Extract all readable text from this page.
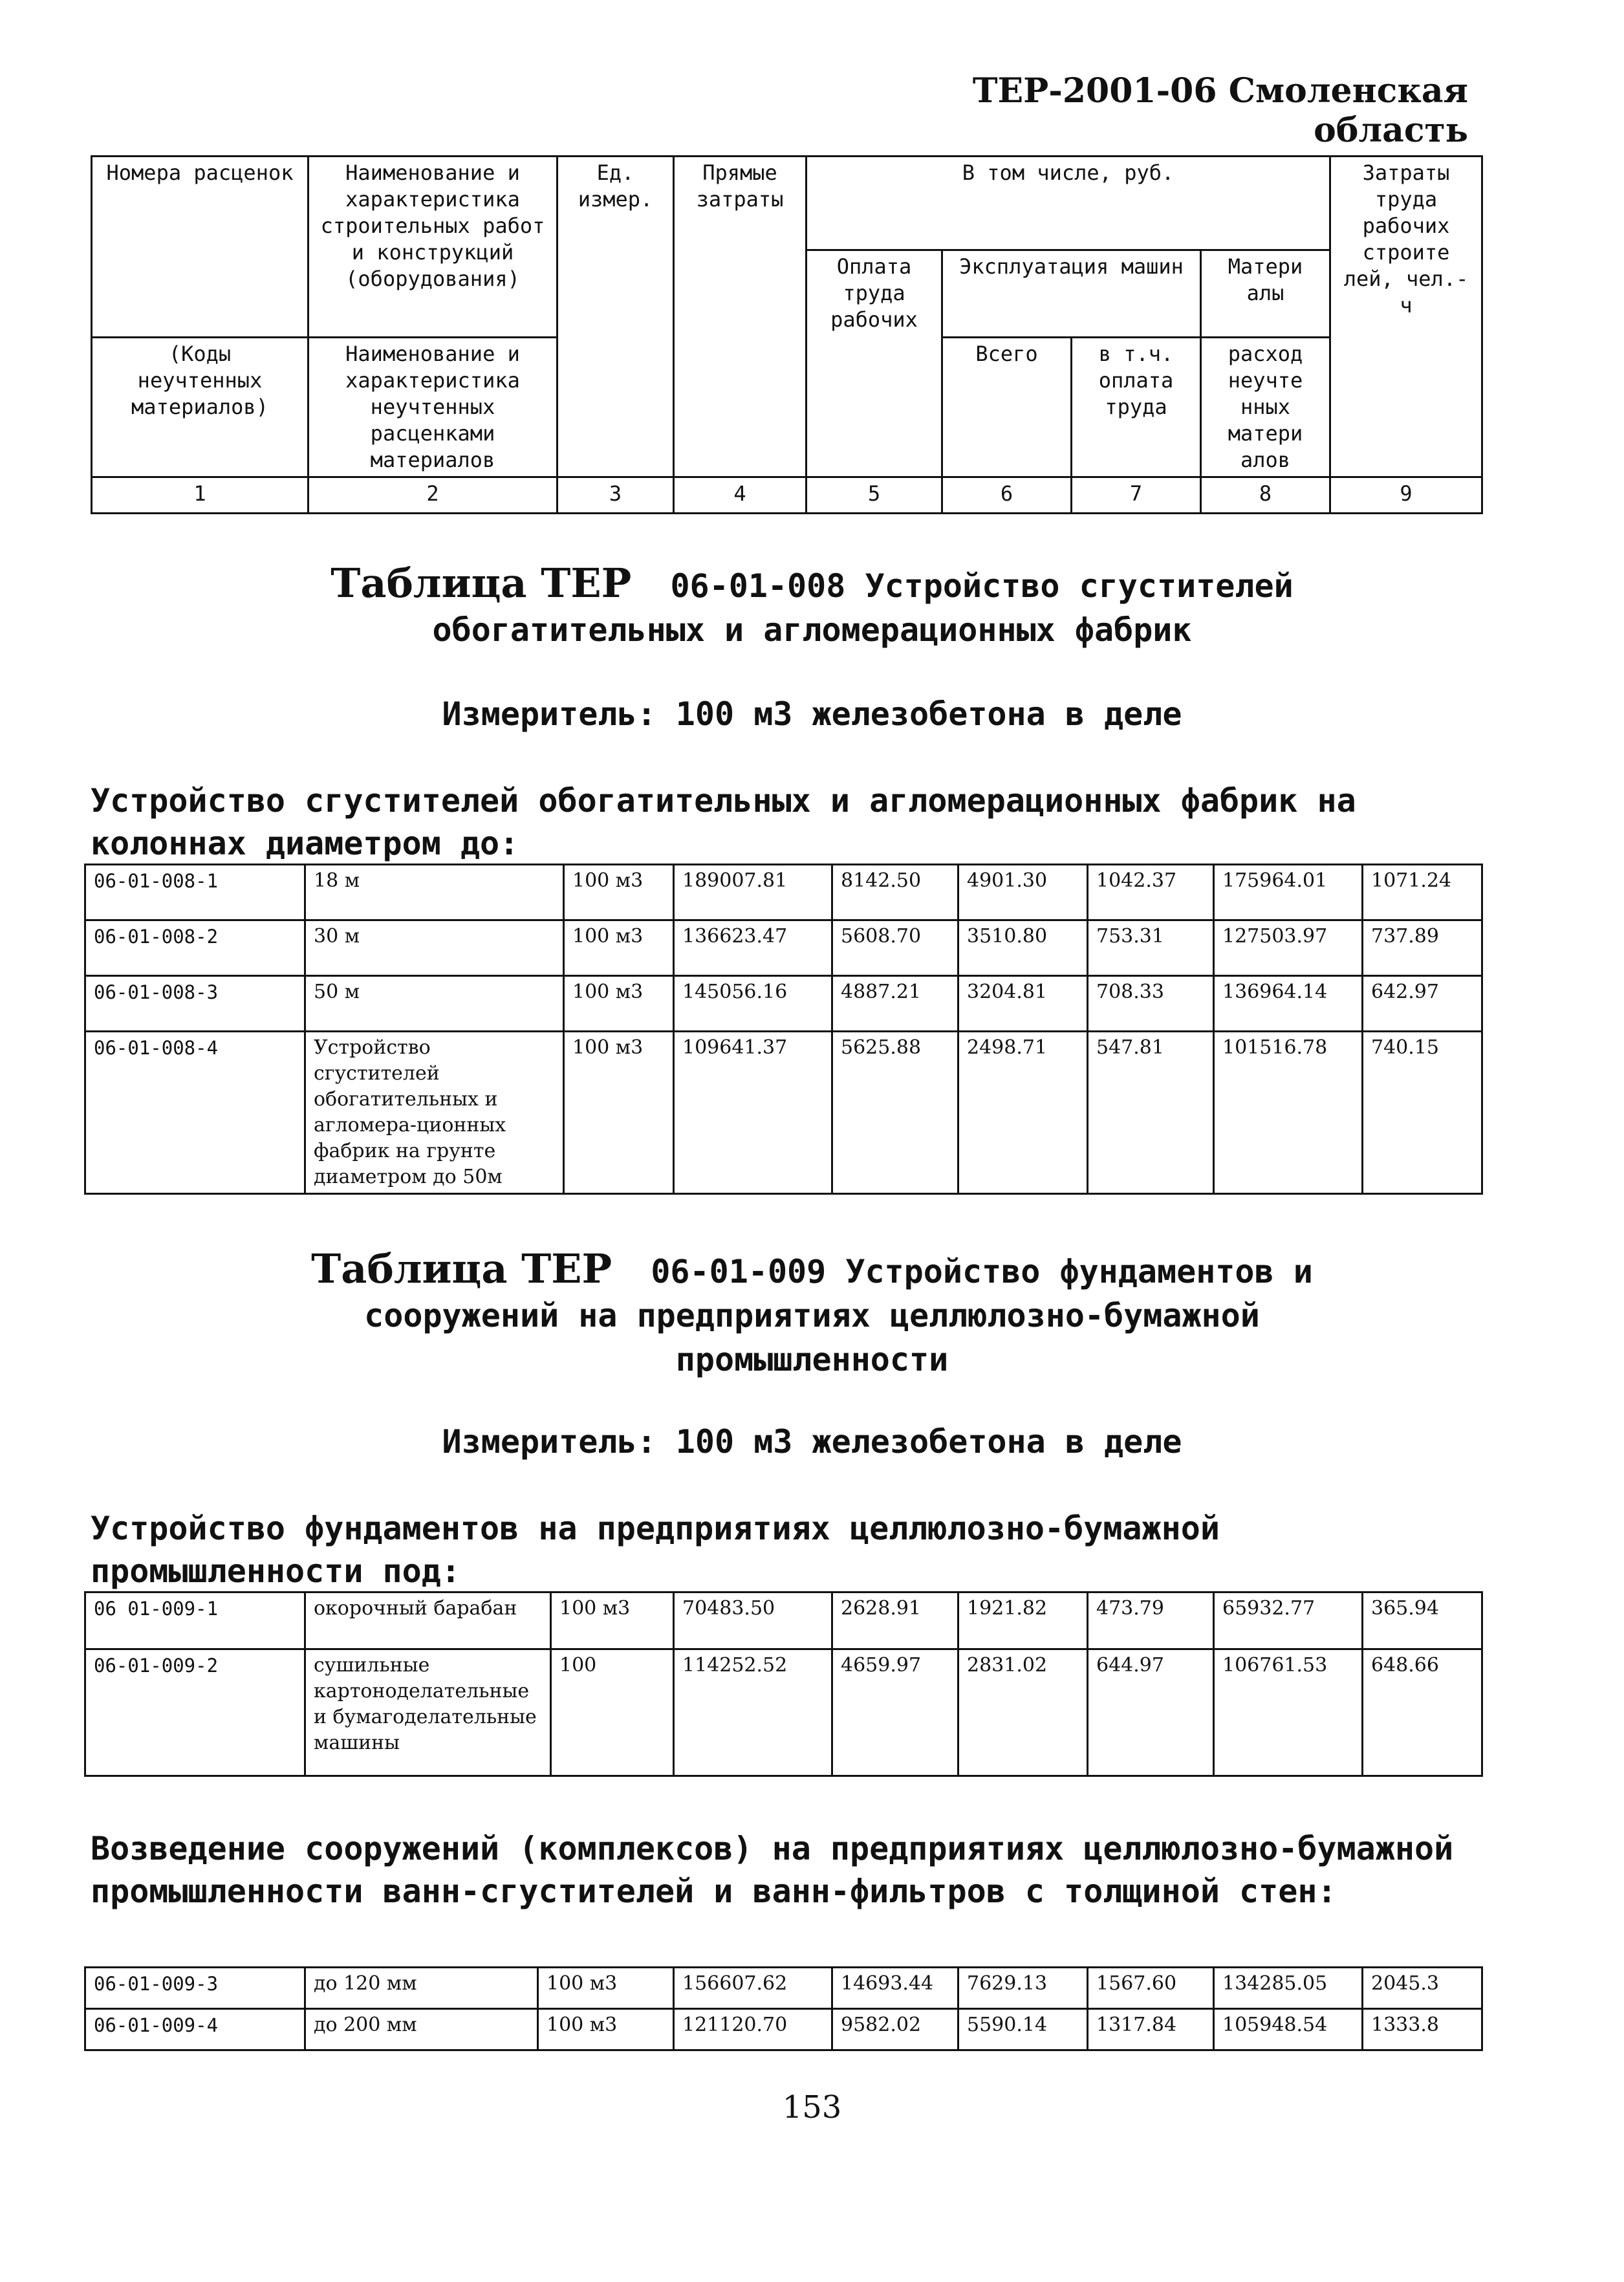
ТЕР-2001-06 Смоленская область
Номера расценок	Наименование и характеристика строительных работ и конструкций (оборудования)	Ед. измер.	Прямые затраты	В том числе, руб.				Затраты труда рабочих строите лей, чел.-ч
				Оплата труда рабочих	Эксплуатация машин		Матери алы	
(Коды неучтенных материалов)	Наименование и характеристика неучтенных расценками материалов				Всего	в т.ч. оплата труда	расход неучте нных матери алов	
1	2	3	4	5	6	7	8	9
Таблица ТЕР 06-01-008 Устройство сгустителей
обогатительных и агломерационных фабрик
Измеритель: 100 м3 железобетона в деле
Устройство сгустителей обогатительных и агломерационных фабрик на колоннах диаметром до:
06-01-008-1	18 м	100 м3	189007.81	8142.50	4901.30	1042.37	175964.01	1071.24
06-01-008-2	30 м	100 м3	136623.47	5608.70	3510.80	753.31	127503.97	737.89
06-01-008-3	50 м	100 м3	145056.16	4887.21	3204.81	708.33	136964.14	642.97
06-01-008-4	Устройство сгустителей обогатительных и агломера-ционных фабрик на грунте диаметром до 50м	100 м3	109641.37	5625.88	2498.71	547.81	101516.78	740.15
Таблица ТЕР 06-01-009 Устройство фундаментов и
сооружений на предприятиях целлюлозно-бумажной
промышленности
Измеритель: 100 м3 железобетона в деле
Устройство фундаментов на предприятиях целлюлозно-бумажной промышленности под:
06 01-009-1	окорочный барабан	100 м3	70483.50	2628.91	1921.82	473.79	65932.77	365.94
06-01-009-2	сушильные картоноделательные и бумагоделательные машины	100	114252.52	4659.97	2831.02	644.97	106761.53	648.66
Возведение сооружений (комплексов) на предприятиях целлюлозно-бумажной промышленности ванн-сгустителей и ванн-фильтров с толщиной стен:
06-01-009-3	до 120 мм	100 м3	156607.62	14693.44	7629.13	1567.60	134285.05	2045.3
06-01-009-4	до 200 мм	100 м3	121120.70	9582.02	5590.14	1317.84	105948.54	1333.8
153
